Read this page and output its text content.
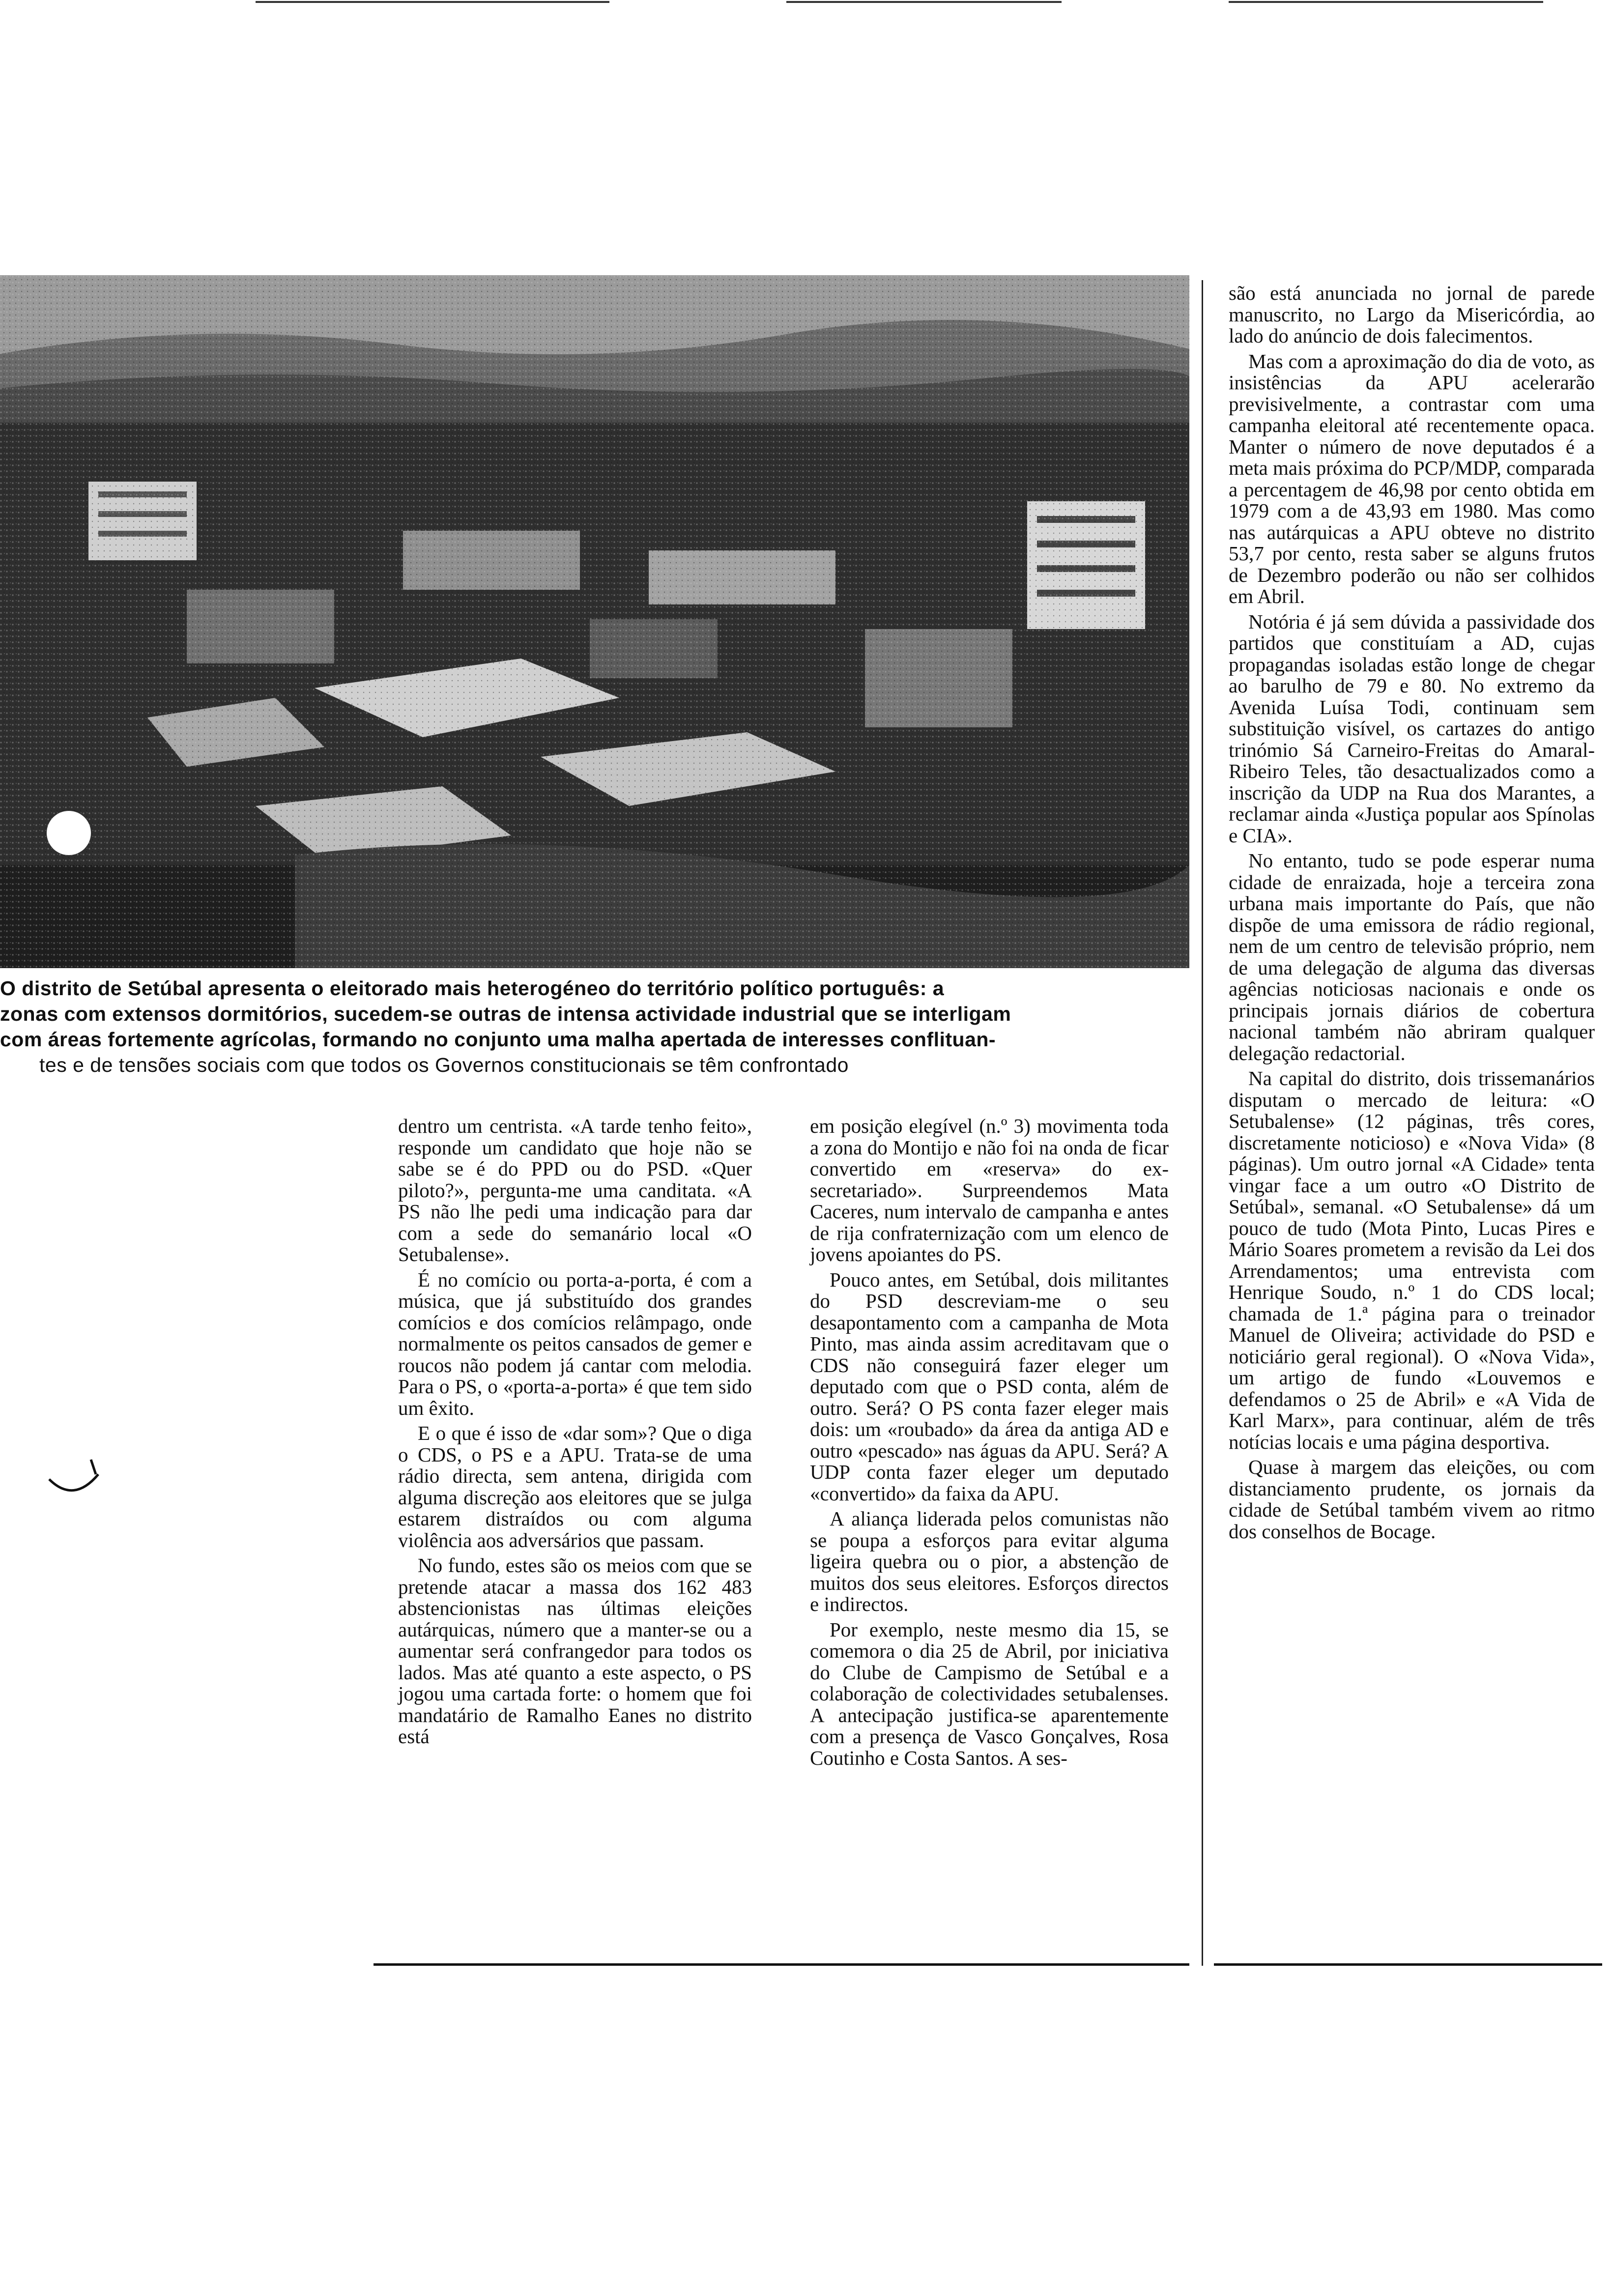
O distrito de Setúbal apresenta o eleitorado mais heterogéneo do território político português: a
zonas com extensos dormitórios, sucedem-se outras de intensa actividade industrial que se interligam
com áreas fortemente agrícolas, formando no conjunto uma malha apertada de interesses conflituan-
tes e de tensões sociais com que todos os Governos constitucionais se têm confrontado

dentro um centrista. «A tarde tenho feito», responde um candidato que hoje não se sabe se é do PPD ou do PSD. «Quer piloto?», pergunta-me uma canditata. «A PS não lhe pedi uma indicação para dar com a sede do semanário local «O Setubalense».

É no comício ou porta-a-porta, é com a música, que já substituído dos grandes comícios e dos comícios relâmpago, onde normalmente os peitos cansados de gemer e roucos não podem já cantar com melodia. Para o PS, o «porta-a-porta» é que tem sido um êxito.

E o que é isso de «dar som»? Que o diga o CDS, o PS e a APU. Trata-se de uma rádio directa, sem antena, dirigida com alguma discreção aos eleitores que se julga estarem distraídos ou com alguma violência aos adversários que passam.

No fundo, estes são os meios com que se pretende atacar a massa dos 162 483 abstencionistas nas últimas eleições autárquicas, número que a manter-se ou a aumentar será confrangedor para todos os lados. Mas até quanto a este aspecto, o PS jogou uma cartada forte: o homem que foi mandatário de Ramalho Eanes no distrito está

em posição elegível (n.º 3) movimenta toda a zona do Montijo e não foi na onda de ficar convertido em «reserva» do ex-secretariado». Surpreendemos Mata Caceres, num intervalo de campanha e antes de rija confraternização com um elenco de jovens apoiantes do PS.

Pouco antes, em Setúbal, dois militantes do PSD descreviam-me o seu desapontamento com a campanha de Mota Pinto, mas ainda assim acreditavam que o CDS não conseguirá fazer eleger um deputado com que o PSD conta, além de outro. Será? O PS conta fazer eleger mais dois: um «roubado» da área da antiga AD e outro «pescado» nas águas da APU. Será? A UDP conta fazer eleger um deputado «convertido» da faixa da APU.

A aliança liderada pelos comunistas não se poupa a esforços para evitar alguma ligeira quebra ou o pior, a abstenção de muitos dos seus eleitores. Esforços directos e indirectos.

Por exemplo, neste mesmo dia 15, se comemora o dia 25 de Abril, por iniciativa do Clube de Campismo de Setúbal e a colaboração de colectividades setubalenses. A antecipação justifica-se aparentemente com a presença de Vasco Gonçalves, Rosa Coutinho e Costa Santos. A ses-

são está anunciada no jornal de parede manuscrito, no Largo da Misericórdia, ao lado do anúncio de dois falecimentos.

Mas com a aproximação do dia de voto, as insistências da APU acelerarão previsivelmente, a contrastar com uma campanha eleitoral até recentemente opaca. Manter o número de nove deputados é a meta mais próxima do PCP/MDP, comparada a percentagem de 46,98 por cento obtida em 1979 com a de 43,93 em 1980. Mas como nas autárquicas a APU obteve no distrito 53,7 por cento, resta saber se alguns frutos de Dezembro poderão ou não ser colhidos em Abril.

Notória é já sem dúvida a passividade dos partidos que constituíam a AD, cujas propagandas isoladas estão longe de chegar ao barulho de 79 e 80. No extremo da Avenida Luísa Todi, continuam sem substituição visível, os cartazes do antigo trinómio Sá Carneiro-Freitas do Amaral-Ribeiro Teles, tão desactualizados como a inscrição da UDP na Rua dos Marantes, a reclamar ainda «Justiça popular aos Spínolas e CIA».

No entanto, tudo se pode esperar numa cidade de enraizada, hoje a terceira zona urbana mais importante do País, que não dispõe de uma emissora de rádio regional, nem de um centro de televisão próprio, nem de uma delegação de alguma das diversas agências noticiosas nacionais e onde os principais jornais diários de cobertura nacional também não abriram qualquer delegação redactorial.

Na capital do distrito, dois trissemanários disputam o mercado de leitura: «O Setubalense» (12 páginas, três cores, discretamente noticioso) e «Nova Vida» (8 páginas). Um outro jornal «A Cidade» tenta vingar face a um outro «O Distrito de Setúbal», semanal. «O Setubalense» dá um pouco de tudo (Mota Pinto, Lucas Pires e Mário Soares prometem a revisão da Lei dos Arrendamentos; uma entrevista com Henrique Soudo, n.º 1 do CDS local; chamada de 1.ª página para o treinador Manuel de Oliveira; actividade do PSD e noticiário geral regional). O «Nova Vida», um artigo de fundo «Louvemos e defendamos o 25 de Abril» e «A Vida de Karl Marx», para continuar, além de três notícias locais e uma página desportiva.

Quase à margem das eleições, ou com distanciamento prudente, os jornais da cidade de Setúbal também vivem ao ritmo dos conselhos de Bocage.
